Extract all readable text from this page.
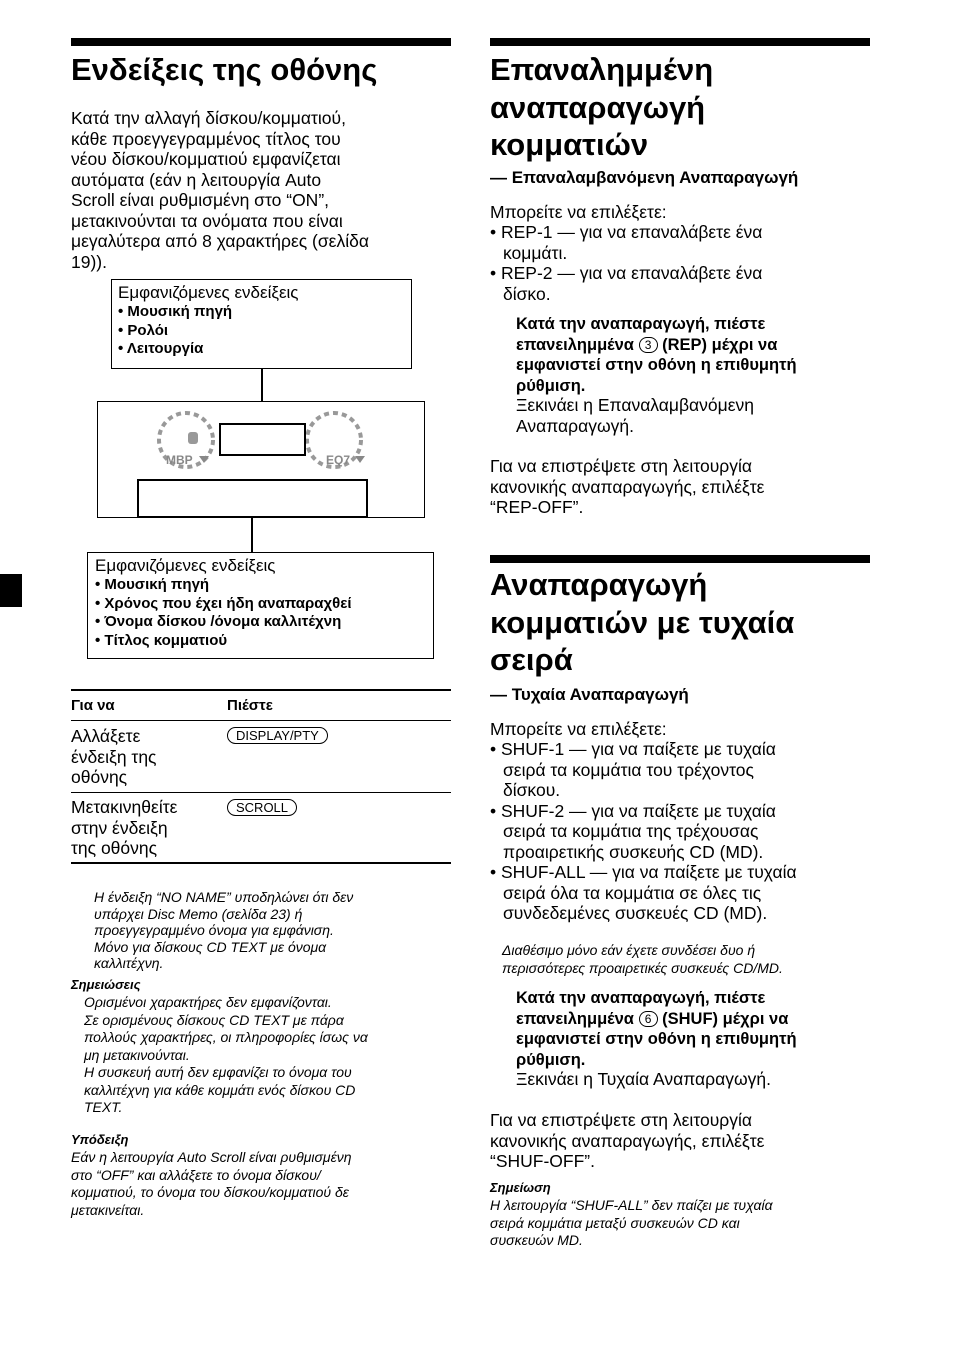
Ενδείξεις της οθόνης
Κατά την αλλαγή δίσκου/κομματιού,
κάθε προεγγεγραμμένος τίτλος του
νέου δίσκου/κομματιού εμφανίζεται
αυτόματα (εάν η λειτουργία Auto
Scroll είναι ρυθμισμένη στο “ON”,
μετακινούνται τα ονόματα που είναι
μεγαλύτερα από 8 χαρακτήρες (σελίδα
19)).
Εμφανιζόμενες ενδείξεις
• Μουσική πηγή
• Ρολόι
• Λειτουργία
MBP	EQ7
Εμφανιζόμενες ενδείξεις
• Μουσική πηγή
• Χρόνος που έχει ήδη αναπαραχθεί
• Όνομα δίσκου /όνομα καλλιτέχνη
• Τίτλος κομματιού
Για να	Πιέστε
Αλλάξετε
ένδειξη της
οθόνης
DISPLAY/PTY
Μετακινηθείτε
στην ένδειξη
της οθόνης
SCROLL
Η ένδειξη “NO NAME” υποδηλώνει ότι δεν
υπάρχει Disc Memo (σελίδα 23) ή
προεγγεγραμμένο όνομα για εμφάνιση.
Μόνο για δίσκους CD TEXT με όνομα
καλλιτέχνη.
Σημειώσεις
Ορισμένοι χαρακτήρες δεν εμφανίζονται.
Σε ορισμένους δίσκους CD TEXT με πάρα
πολλούς χαρακτήρες, οι πληροφορίες ίσως να
μη μετακινούνται.
Η συσκευή αυτή δεν εμφανίζει το όνομα του
καλλιτέχνη για κάθε κομμάτι ενός δίσκου CD
TEXT.
Υπόδειξη
Εάν η λειτουργία Auto Scroll είναι ρυθμισμένη
στο “OFF” και αλλάξετε το όνομα δίσκου/
κομματιού, το όνομα του δίσκου/κομματιού δε
μετακινείται.
Επαναλημμένη
αναπαραγωγή
κομματιών
— Επαναλαμβανόμενη Αναπαραγωγή
Μπορείτε να επιλέξετε:
• REP-1 — για να επαναλάβετε ένα
κομμάτι.
• REP-2 — για να επαναλάβετε ένα
δίσκο.
Κατά την αναπαραγωγή, πιέστε
επανειλημμένα 3 (REP) μέχρι να
εμφανιστεί στην οθόνη η επιθυμητή
ρύθμιση.
Ξεκινάει η Επαναλαμβανόμενη
Αναπαραγωγή.
Για να επιστρέψετε στη λειτουργία
κανονικής αναπαραγωγής, επιλέξτε
“REP-OFF”.
Αναπαραγωγή
κομματιών με τυχαία
σειρά
— Τυχαία Αναπαραγωγή
Μπορείτε να επιλέξετε:
• SHUF-1 — για να παίξετε με τυχαία
σειρά τα κομμάτια του τρέχοντος
δίσκου.
• SHUF-2 — για να παίξετε με τυχαία
σειρά τα κομμάτια της τρέχουσας
προαιρετικής συσκευής CD (MD).
• SHUF-ALL — για να παίξετε με τυχαία
σειρά όλα τα κομμάτια σε όλες τις
συνδεδεμένες συσκευές CD (MD).
Διαθέσιμο μόνο εάν έχετε συνδέσει δυο ή
περισσότερες προαιρετικές συσκευές CD/MD.
Κατά την αναπαραγωγή, πιέστε
επανειλημμένα 6 (SHUF) μέχρι να
εμφανιστεί στην οθόνη η επιθυμητή
ρύθμιση.
Ξεκινάει η Τυχαία Αναπαραγωγή.
Για να επιστρέψετε στη λειτουργία
κανονικής αναπαραγωγής, επιλέξτε
“SHUF-OFF”.
Σημείωση
Η λειτουργία “SHUF-ALL” δεν παίζει με τυχαία
σειρά κομμάτια μεταξύ συσκευών CD και
συσκευών MD.
